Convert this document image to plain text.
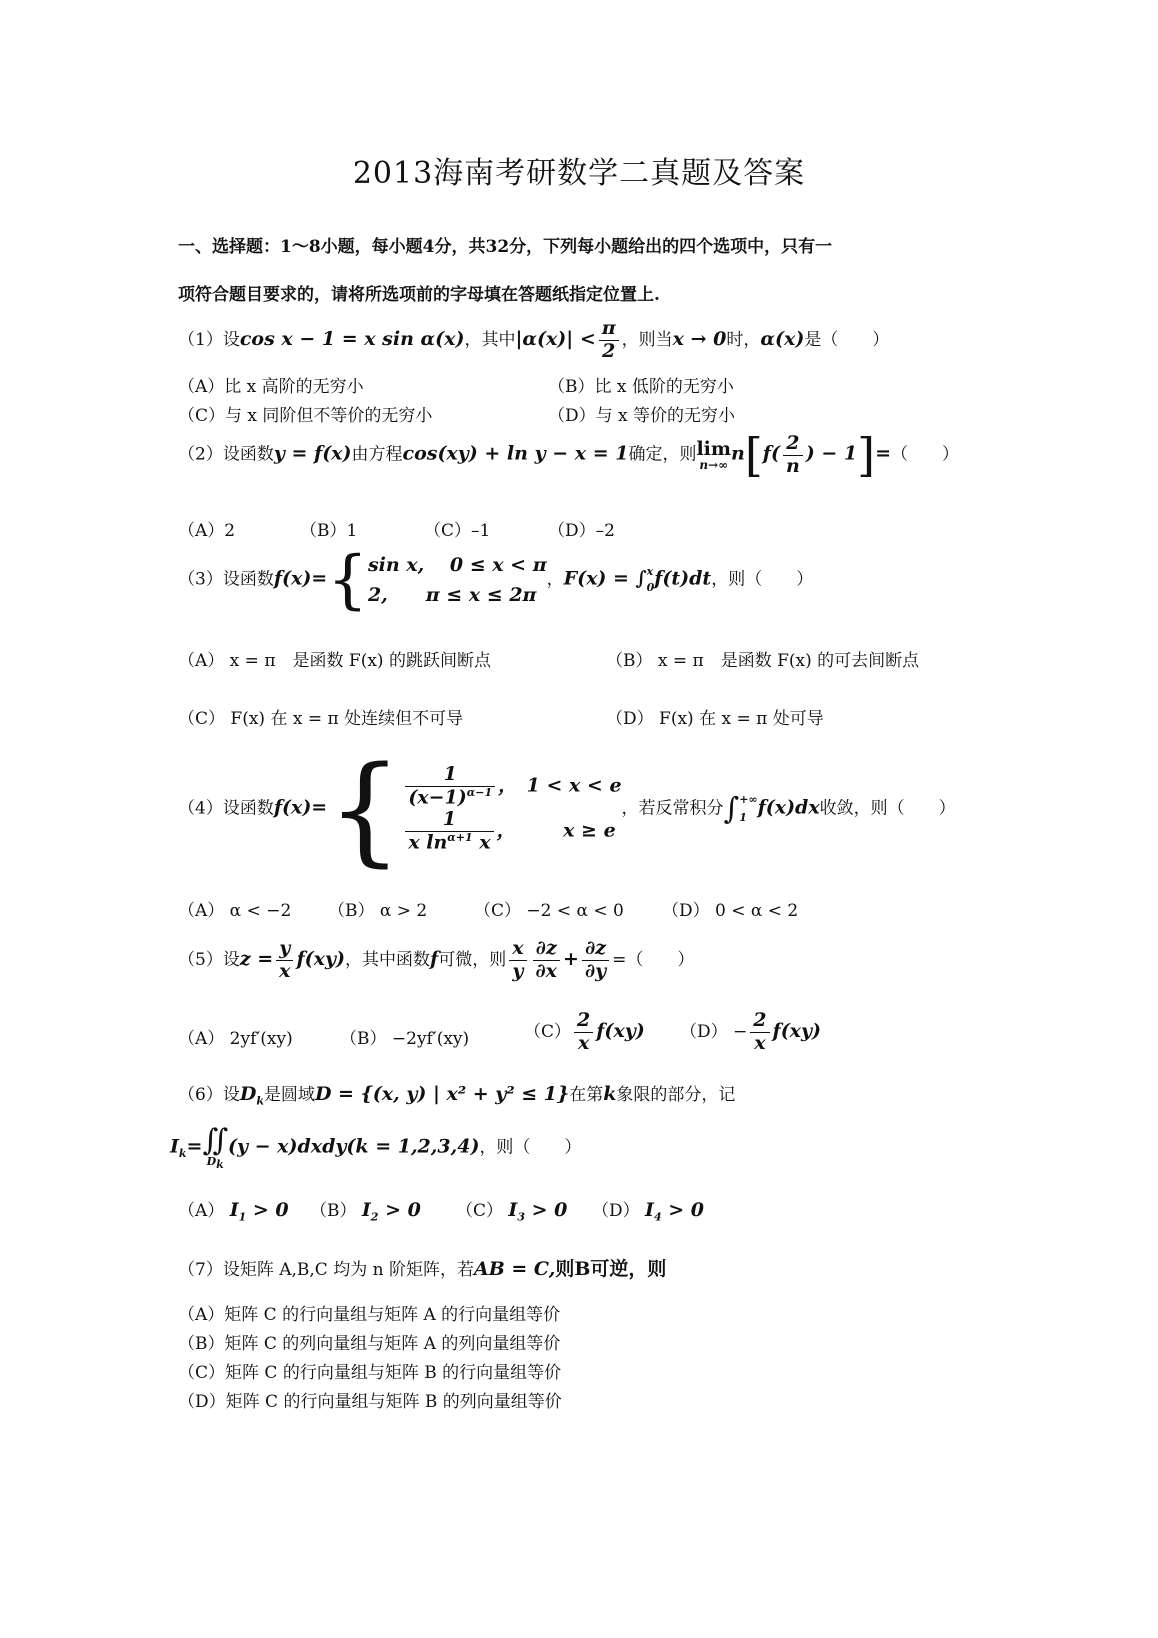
2013海南考研数学二真题及答案
一、选择题：1～8小题，每小题4分，共32分，下列每小题给出的四个选项中，只有一
项符合题目要求的，请将所选项前的字母填在答题纸指定位置上.
（1）设cos x − 1 = x sin α(x)，其中$|\alpha(x)| < \frac{\pi}{2}$ ，则当x → 0时，α(x)是（　　）
（A）比 x 高阶的无穷小	（B）比 x 低阶的无穷小
（C）与 x 同阶但不等价的无穷小	（D）与 x 等价的无穷小
（2）设函数y = f(x)由方程cos(xy) + ln y − x = 1确定，则lim
n→∞ $n[f( \frac{2}{n}$ ) − 1]=（　　）
（A）2	（B）1	（C）–1	（D）–2
（3）设函数f(x)={ sin x,　 0 ≤ x < π
2,　　π ≤ x ≤ 2π
，F(x) = ∫ x
0 f(t)dt，则（　　）
（A） x = π　是函数 F(x) 的跳跃间断点	（B） x = π　是函数 F(x) 的可去间断点
（C） F(x) 在 x = π 处连续但不可导	（D） F(x) 在 x = π 处可导
（4）设函数$f(x)=\{ \frac{1}{(x-1)^{\alpha-1}}$ ，　1 < x < e
$\frac{1}{x \ln^{\alpha+1} x}$ ，　　　x ≥ e
，若反常积分∫ +∞
1 f(x)dx收敛，则（　　）
（A） α < −2 （B） α > 2	（C） −2 < α < 0 （D） 0 < α < 2
（5）设$z = \frac{y}{x} f(xy)$，其中函数f可微，则 $\frac{x}{y} \frac{\partial z}{\partial x} + \frac{\partial z}{\partial y}$ =（　　）
（A） 2yf′(xy)	（B） −2yf′(xy)	$(C) \frac{2}{x} f(xy) (D) - \frac{2}{x} f(xy)$
（6）设$D_k$是圆域D = {(x, y) | x² + y² ≤ 1}在第k象限的部分，记
$I_k=$ ∬
Dk
(y − x)dxdy(k = 1,2,3,4)，则（　　）
（A） $I_1 > 0$ （B） $I_2 > 0$ （C） $I_3 > 0$ （D） $I_4 > 0$
（7）设矩阵 A,B,C 均为 n 阶矩阵，若AB = C,则B可逆，则
（A）矩阵 C 的行向量组与矩阵 A 的行向量组等价
（B）矩阵 C 的列向量组与矩阵 A 的列向量组等价
（C）矩阵 C 的行向量组与矩阵 B 的行向量组等价
（D）矩阵 C 的行向量组与矩阵 B 的列向量组等价
